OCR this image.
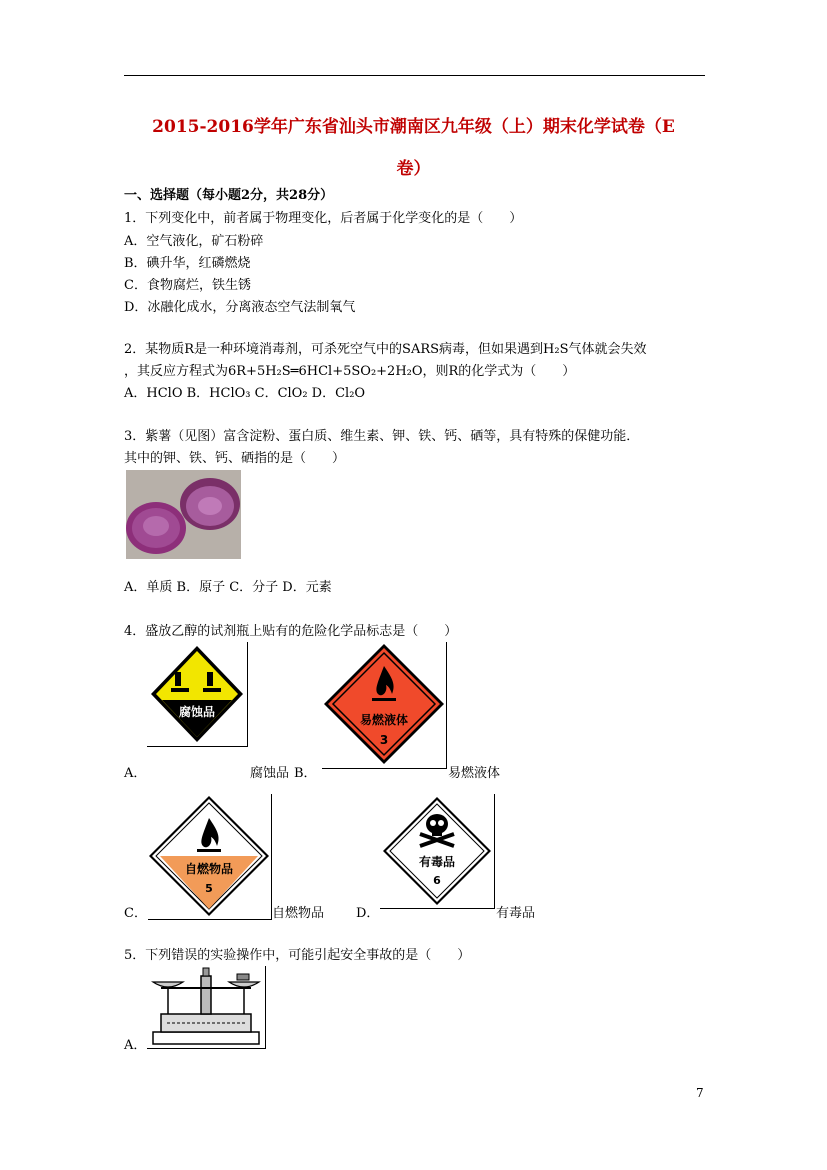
2015-2016学年广东省汕头市潮南区九年级（上）期末化学试卷（E
卷）
一、选择题（每小题2分，共28分）
1．下列变化中，前者属于物理变化，后者属于化学变化的是（　　）
A．空气液化，矿石粉碎
B．碘升华，红磷燃烧
C．食物腐烂，铁生锈
D．冰融化成水，分离液态空气法制氧气
2．某物质R是一种环境消毒剂，可杀死空气中的SARS病毒，但如果遇到H₂S气体就会失效
，其反应方程式为6R+5H₂S═6HCl+5SO₂+2H₂O，则R的化学式为（　　）
A．HClO B．HClO₃ C．ClO₂ D．Cl₂O
3．紫薯（见图）富含淀粉、蛋白质、维生素、钾、铁、钙、硒等，具有特殊的保健功能．
其中的钾、铁、钙、硒指的是（　　）
A．单质 B．原子 C．分子 D．元素
4．盛放乙醇的试剂瓶上贴有的危险化学品标志是（　　）
腐蚀品
A．	腐蚀品 B．
易燃液体
3
易燃液体
C．
自燃物品
5
自燃物品 D．
有毒品
6
有毒品
5．下列错误的实验操作中，可能引起安全事故的是（　　）
A．
7
